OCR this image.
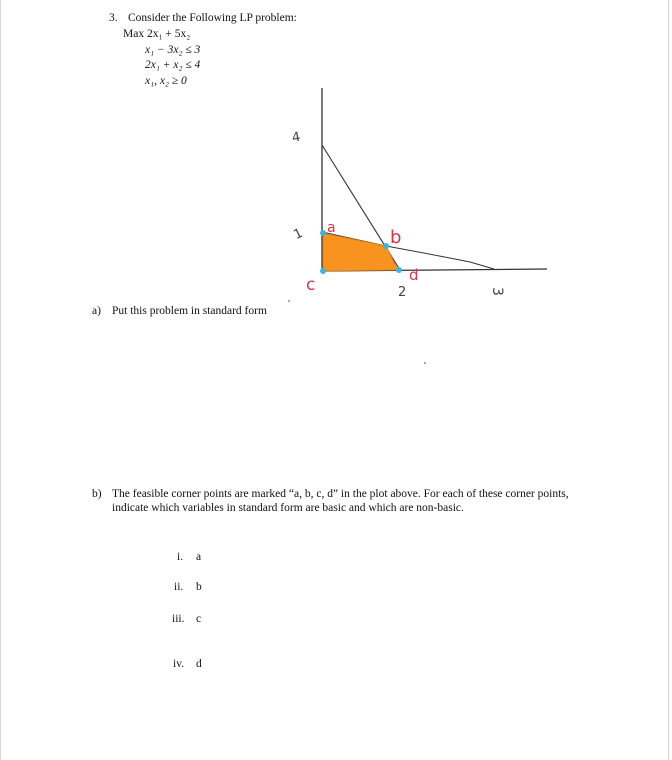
3. Consider the Following LP problem:
Max 2x₁ + 5x₂
x₁ − 3x₂ ≤ 3
2x₁ + x₂ ≤ 4
x₁, x₂ ≥ 0
4
1 a	b
c	d
2	3
a) Put this problem in standard form
b) The feasible corner points are marked “a, b, c, d” in the plot above. For each of these corner points, indicate which variables in standard form are basic and which are non-basic.
i. a
ii. b
iii. c
iv. d
